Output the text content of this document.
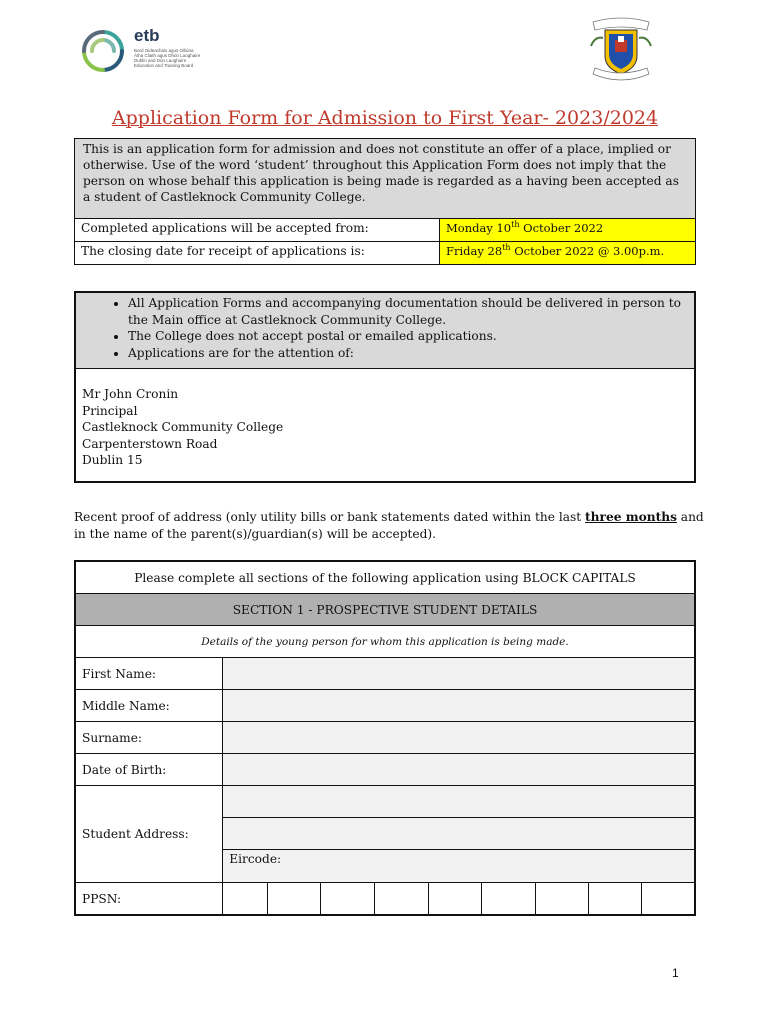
etb
Bord Oideachais agus Oiliúna
Átha Cliath agus Dhún Laoghaire
Dublin and Dún Laoghaire
Education and Training Board
Application Form for Admission to First Year- 2023/2024
This is an application form for admission and does not constitute an offer of a place, implied or otherwise. Use of the word ‘student’ throughout this Application Form does not imply that the person on whose behalf this application is being made is regarded as a having been accepted as a student of Castleknock Community College.	
Completed applications will be accepted from:	Monday 10th October 2022
The closing date for receipt of applications is:	Friday 28th October 2022 @ 3.00p.m.
• All Application Forms and accompanying documentation should be delivered in person to the Main office at Castleknock Community College.
• The College does not accept postal or emailed applications.
• Applications are for the attention of:
Mr John Cronin
Principal
Castleknock Community College
Carpenterstown Road
Dublin 15
Recent proof of address (only utility bills or bank statements dated within the last three months and in the name of the parent(s)/guardian(s) will be accepted).
Please complete all sections of the following application using BLOCK CAPITALS									
SECTION 1 - PROSPECTIVE STUDENT DETAILS									
Details of the young person for whom this application is being made.									
First Name:									
Middle Name:									
Surname:									
Date of Birth:									
Student Address:									

	Eircode:								
PPSN:									
1
